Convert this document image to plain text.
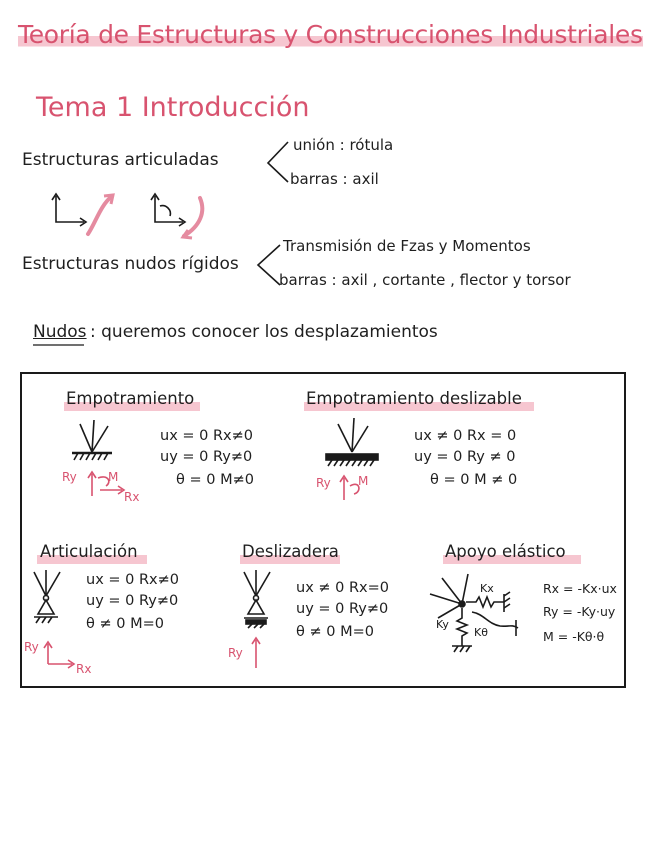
Teoría de Estructuras y Construcciones Industriales
Tema 1 Introducción
Estructuras articuladas
unión : rótula
barras : axil
Estructuras nudos rígidos
Transmisión de Fzas y Momentos
barras : axil , cortante , flector y torsor
Nudos : queremos conocer los desplazamientos
Empotramiento
ux = 0 Rx≠0
uy = 0 Ry≠0
θ = 0 M≠0
Ry	M
Rx
Empotramiento deslizable
ux ≠ 0 Rx = 0
uy = 0 Ry ≠ 0
θ = 0 M ≠ 0
Ry M
Articulación
ux = 0 Rx≠0
uy = 0 Ry≠0
θ ≠ 0 M=0
Ry
Rx
Deslizadera
ux ≠ 0 Rx=0
uy = 0 Ry≠0
θ ≠ 0 M=0
Ry
Apoyo elástico
Rx = -Kx·ux
Ry = -Ky·uy
M = -Kθ·θ
Kx
Ky
Kθ
